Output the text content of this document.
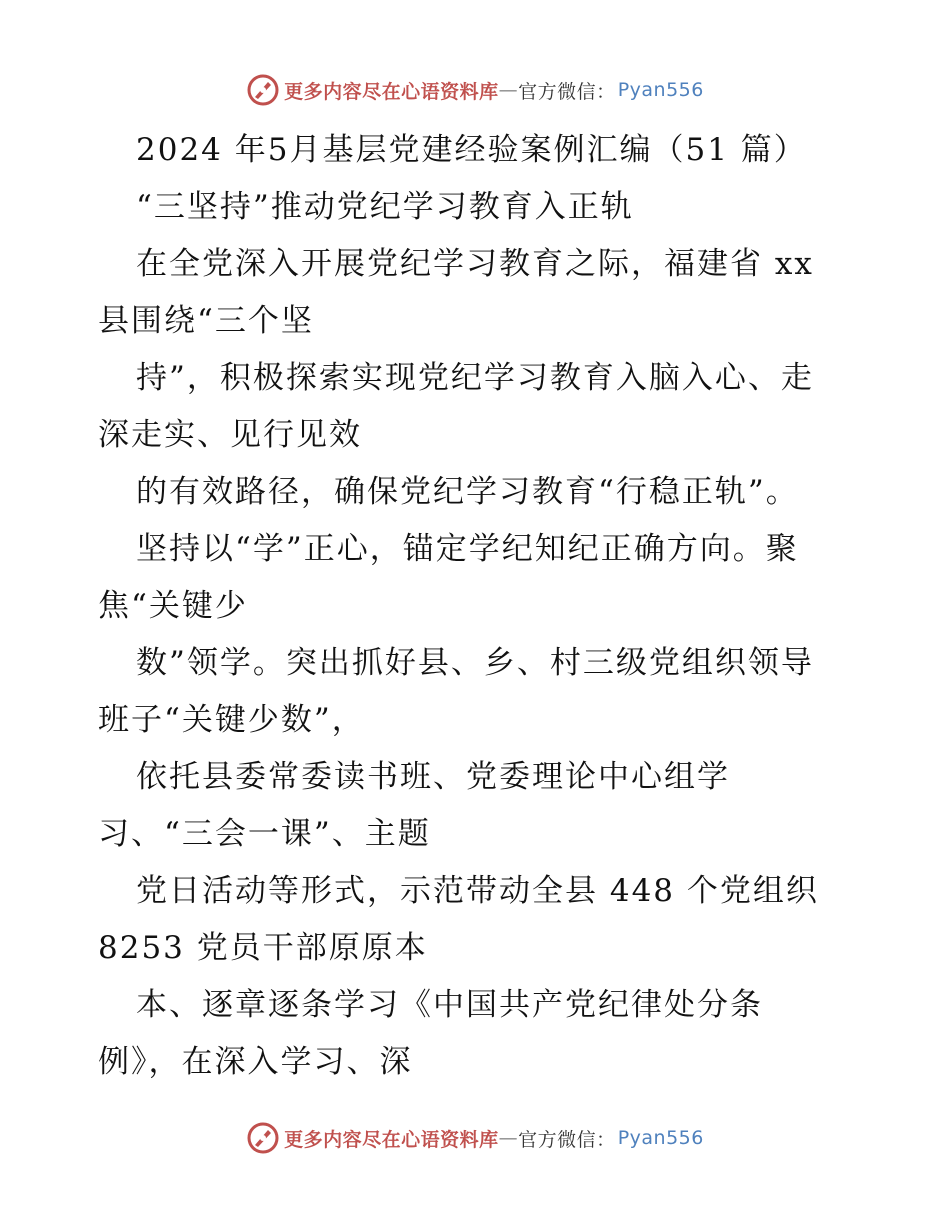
更多内容尽在心语资料库 — 官方微信： Pyan556
2024 年5月基层党建经验案例汇编（51 篇）
“三坚持”推动党纪学习教育入正轨
在全党深入开展党纪学习教育之际，福建省 xx
县围绕“三个坚
持”，积极探索实现党纪学习教育入脑入心、走
深走实、见行见效
的有效路径，确保党纪学习教育“行稳正轨”。
坚持以“学”正心，锚定学纪知纪正确方向。聚
焦“关键少
数”领学。突出抓好县、乡、村三级党组织领导
班子“关键少数”，
依托县委常委读书班、党委理论中心组学
习、“三会一课”、主题
党日活动等形式，示范带动全县 448 个党组织
8253 党员干部原原本
本、逐章逐条学习《中国共产党纪律处分条
例》，在深入学习、深
更多内容尽在心语资料库 — 官方微信： Pyan556
